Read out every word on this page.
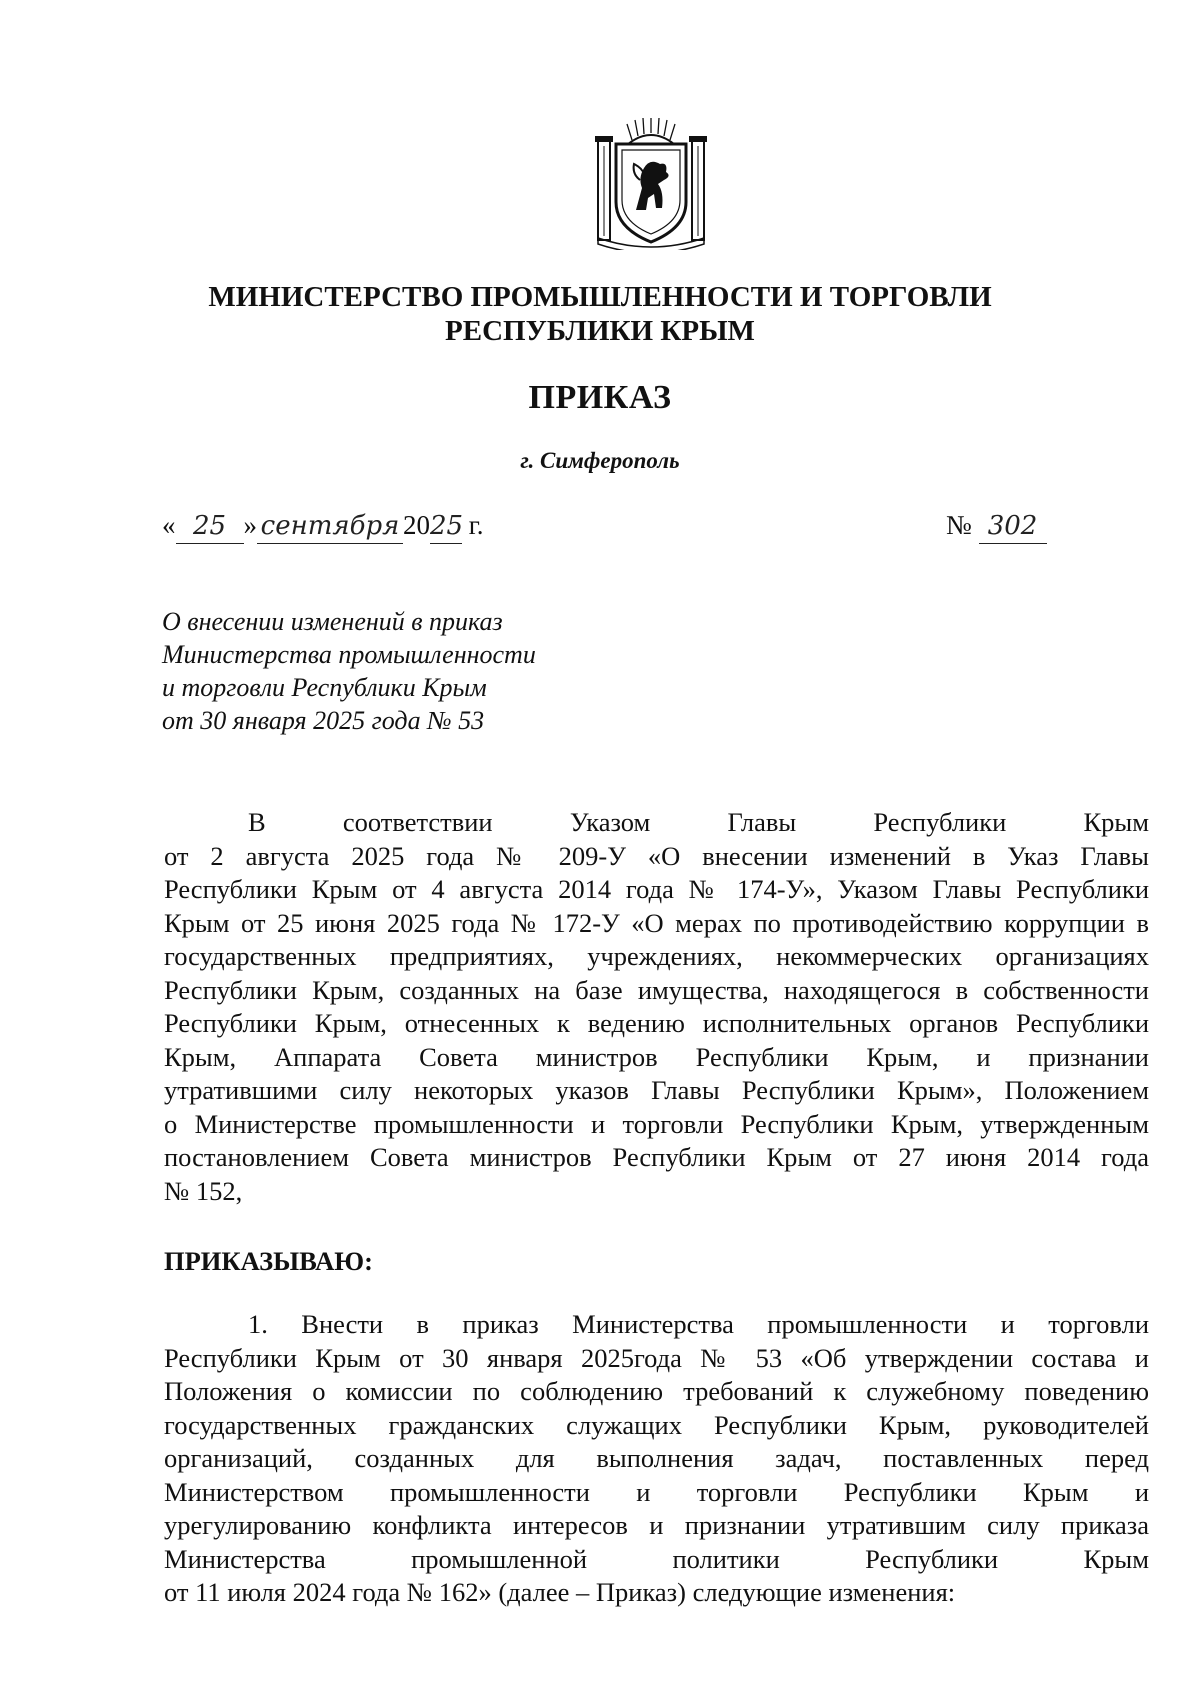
МИНИСТЕРСТВО ПРОМЫШЛЕННОСТИ И ТОРГОВЛИ
РЕСПУБЛИКИ КРЫМ
ПРИКАЗ
г. Симферополь
« 25 » сентября 2025 г.	№ 302
О внесении изменений в приказ
Министерства промышленности
и торговли Республики Крым
от 30 января 2025 года № 53
В соответствии Указом Главы Республики Крым
от 2 августа 2025 года № 209-У «О внесении изменений в Указ Главы
Республики Крым от 4 августа 2014 года № 174-У», Указом Главы Республики
Крым от 25 июня 2025 года № 172-У «О мерах по противодействию коррупции в
государственных предприятиях, учреждениях, некоммерческих организациях
Республики Крым, созданных на базе имущества, находящегося в собственности
Республики Крым, отнесенных к ведению исполнительных органов Республики
Крым, Аппарата Совета министров Республики Крым, и признании
утратившими силу некоторых указов Главы Республики Крым», Положением
о Министерстве промышленности и торговли Республики Крым, утвержденным
постановлением Совета министров Республики Крым от 27 июня 2014 года
№ 152,
ПРИКАЗЫВАЮ:
1. Внести в приказ Министерства промышленности и торговли
Республики Крым от 30 января 2025года № 53 «Об утверждении состава и
Положения о комиссии по соблюдению требований к служебному поведению
государственных гражданских служащих Республики Крым, руководителей
организаций, созданных для выполнения задач, поставленных перед
Министерством промышленности и торговли Республики Крым и
урегулированию конфликта интересов и признании утратившим силу приказа
Министерства промышленной политики Республики Крым
от 11 июля 2024 года № 162» (далее – Приказ) следующие изменения:
